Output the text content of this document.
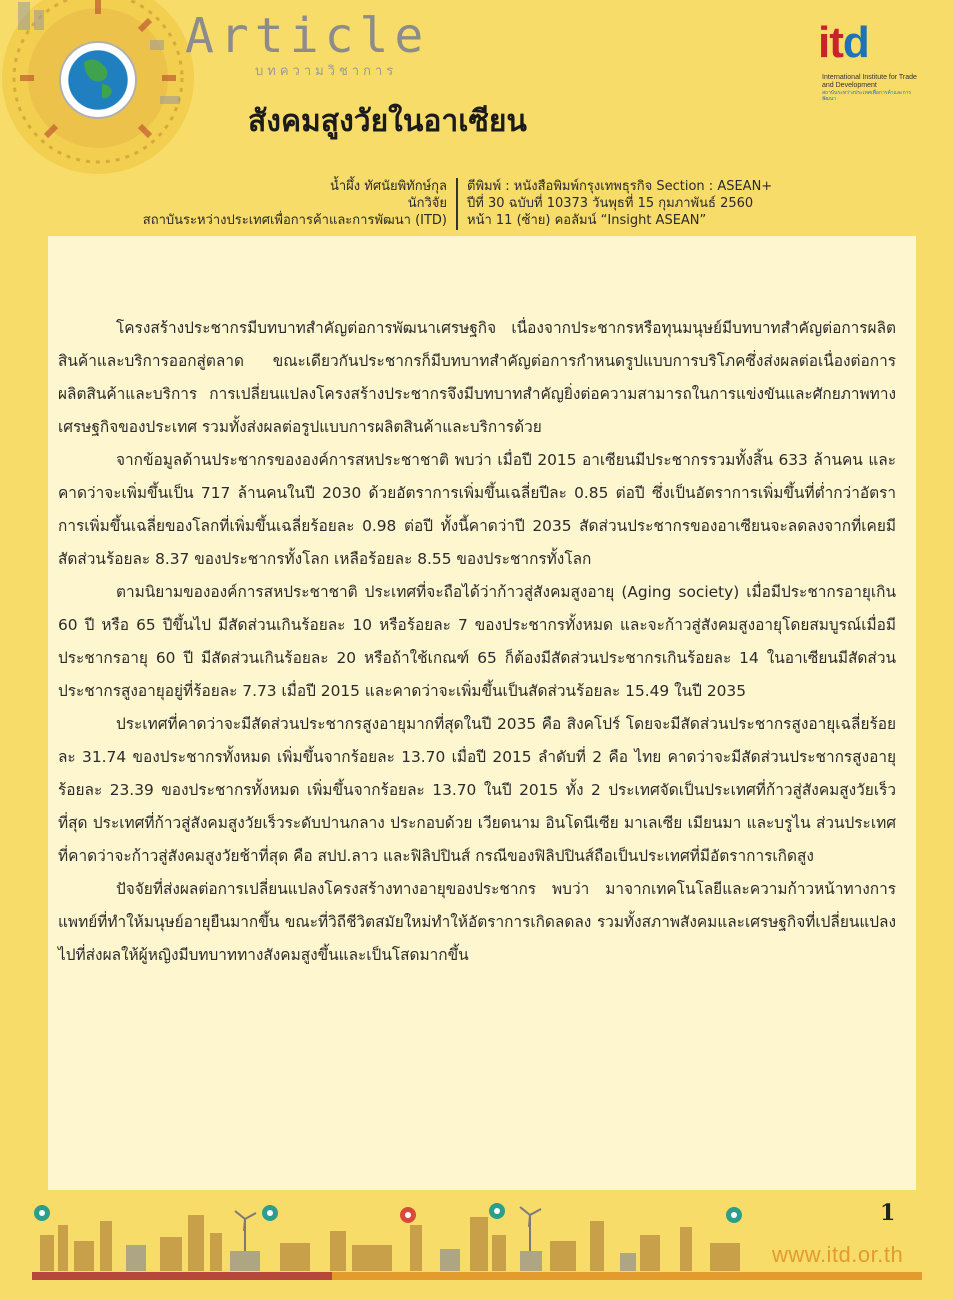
Article
บทความวิชาการ
สังคมสูงวัยในอาเซียน
itd
International Institute for Trade and Development
สถาบันระหว่างประเทศเพื่อการค้าและการพัฒนา
น้ำผึ้ง ทัศนัยพิทักษ์กุล
นักวิจัย
สถาบันระหว่างประเทศเพื่อการค้าและการพัฒนา (ITD)
ตีพิมพ์ : หนังสือพิมพ์กรุงเทพธุรกิจ Section : ASEAN+
ปีที่ 30 ฉบับที่ 10373 วันพุธที่ 15 กุมภาพันธ์ 2560
หน้า 11 (ซ้าย) คอลัมน์ “Insight ASEAN”

โครงสร้างประชากรมีบทบาทสำคัญต่อการพัฒนาเศรษฐกิจ เนื่องจากประชากรหรือทุนมนุษย์มีบทบาทสำคัญต่อการผลิตสินค้าและบริการออกสู่ตลาด ขณะเดียวกันประชากรก็มีบทบาทสำคัญต่อการกำหนดรูปแบบการบริโภคซึ่งส่งผลต่อเนื่องต่อการผลิตสินค้าและบริการ การเปลี่ยนแปลงโครงสร้างประชากรจึงมีบทบาทสำคัญยิ่งต่อความสามารถในการแข่งขันและศักยภาพทางเศรษฐกิจของประเทศ รวมทั้งส่งผลต่อรูปแบบการผลิตสินค้าและบริการด้วย

จากข้อมูลด้านประชากรขององค์การสหประชาชาติ พบว่า เมื่อปี 2015 อาเซียนมีประชากรรวมทั้งสิ้น 633 ล้านคน และคาดว่าจะเพิ่มขึ้นเป็น 717 ล้านคนในปี 2030 ด้วยอัตราการเพิ่มขึ้นเฉลี่ยปีละ 0.85 ต่อปี ซึ่งเป็นอัตราการเพิ่มขึ้นที่ต่ำกว่าอัตราการเพิ่มขึ้นเฉลี่ยของโลกที่เพิ่มขึ้นเฉลี่ยร้อยละ 0.98 ต่อปี ทั้งนี้คาดว่าปี 2035 สัดส่วนประชากรของอาเซียนจะลดลงจากที่เคยมีสัดส่วนร้อยละ 8.37 ของประชากรทั้งโลก เหลือร้อยละ 8.55 ของประชากรทั้งโลก

ตามนิยามขององค์การสหประชาชาติ ประเทศที่จะถือได้ว่าก้าวสู่สังคมสูงอายุ (Aging society) เมื่อมีประชากรอายุเกิน 60 ปี หรือ 65 ปีขึ้นไป มีสัดส่วนเกินร้อยละ 10 หรือร้อยละ 7 ของประชากรทั้งหมด และจะก้าวสู่สังคมสูงอายุโดยสมบูรณ์เมื่อมีประชากรอายุ 60 ปี มีสัดส่วนเกินร้อยละ 20 หรือถ้าใช้เกณฑ์ 65 ก็ต้องมีสัดส่วนประชากรเกินร้อยละ 14 ในอาเซียนมีสัดส่วนประชากรสูงอายุอยู่ที่ร้อยละ 7.73 เมื่อปี 2015 และคาดว่าจะเพิ่มขึ้นเป็นสัดส่วนร้อยละ 15.49 ในปี 2035

ประเทศที่คาดว่าจะมีสัดส่วนประชากรสูงอายุมากที่สุดในปี 2035 คือ สิงคโปร์ โดยจะมีสัดส่วนประชากรสูงอายุเฉลี่ยร้อยละ 31.74 ของประชากรทั้งหมด เพิ่มขึ้นจากร้อยละ 13.70 เมื่อปี 2015 ลำดับที่ 2 คือ ไทย คาดว่าจะมีสัดส่วนประชากรสูงอายุร้อยละ 23.39 ของประชากรทั้งหมด เพิ่มขึ้นจากร้อยละ 13.70 ในปี 2015 ทั้ง 2 ประเทศจัดเป็นประเทศที่ก้าวสู่สังคมสูงวัยเร็วที่สุด ประเทศที่ก้าวสู่สังคมสูงวัยเร็วระดับปานกลาง ประกอบด้วย เวียดนาม อินโดนีเซีย มาเลเซีย เมียนมา และบรูไน ส่วนประเทศที่คาดว่าจะก้าวสู่สังคมสูงวัยช้าที่สุด คือ สปป.ลาว และฟิลิปปินส์ กรณีของฟิลิปปินส์ถือเป็นประเทศที่มีอัตราการเกิดสูง

ปัจจัยที่ส่งผลต่อการเปลี่ยนแปลงโครงสร้างทางอายุของประชากร พบว่า มาจากเทคโนโลยีและความก้าวหน้าทางการแพทย์ที่ทำให้มนุษย์อายุยืนมากขึ้น ขณะที่วิถีชีวิตสมัยใหม่ทำให้อัตราการเกิดลดลง รวมทั้งสภาพสังคมและเศรษฐกิจที่เปลี่ยนแปลงไปที่ส่งผลให้ผู้หญิงมีบทบาททางสังคมสูงขึ้นและเป็นโสดมากขึ้น

1
www.itd.or.th
